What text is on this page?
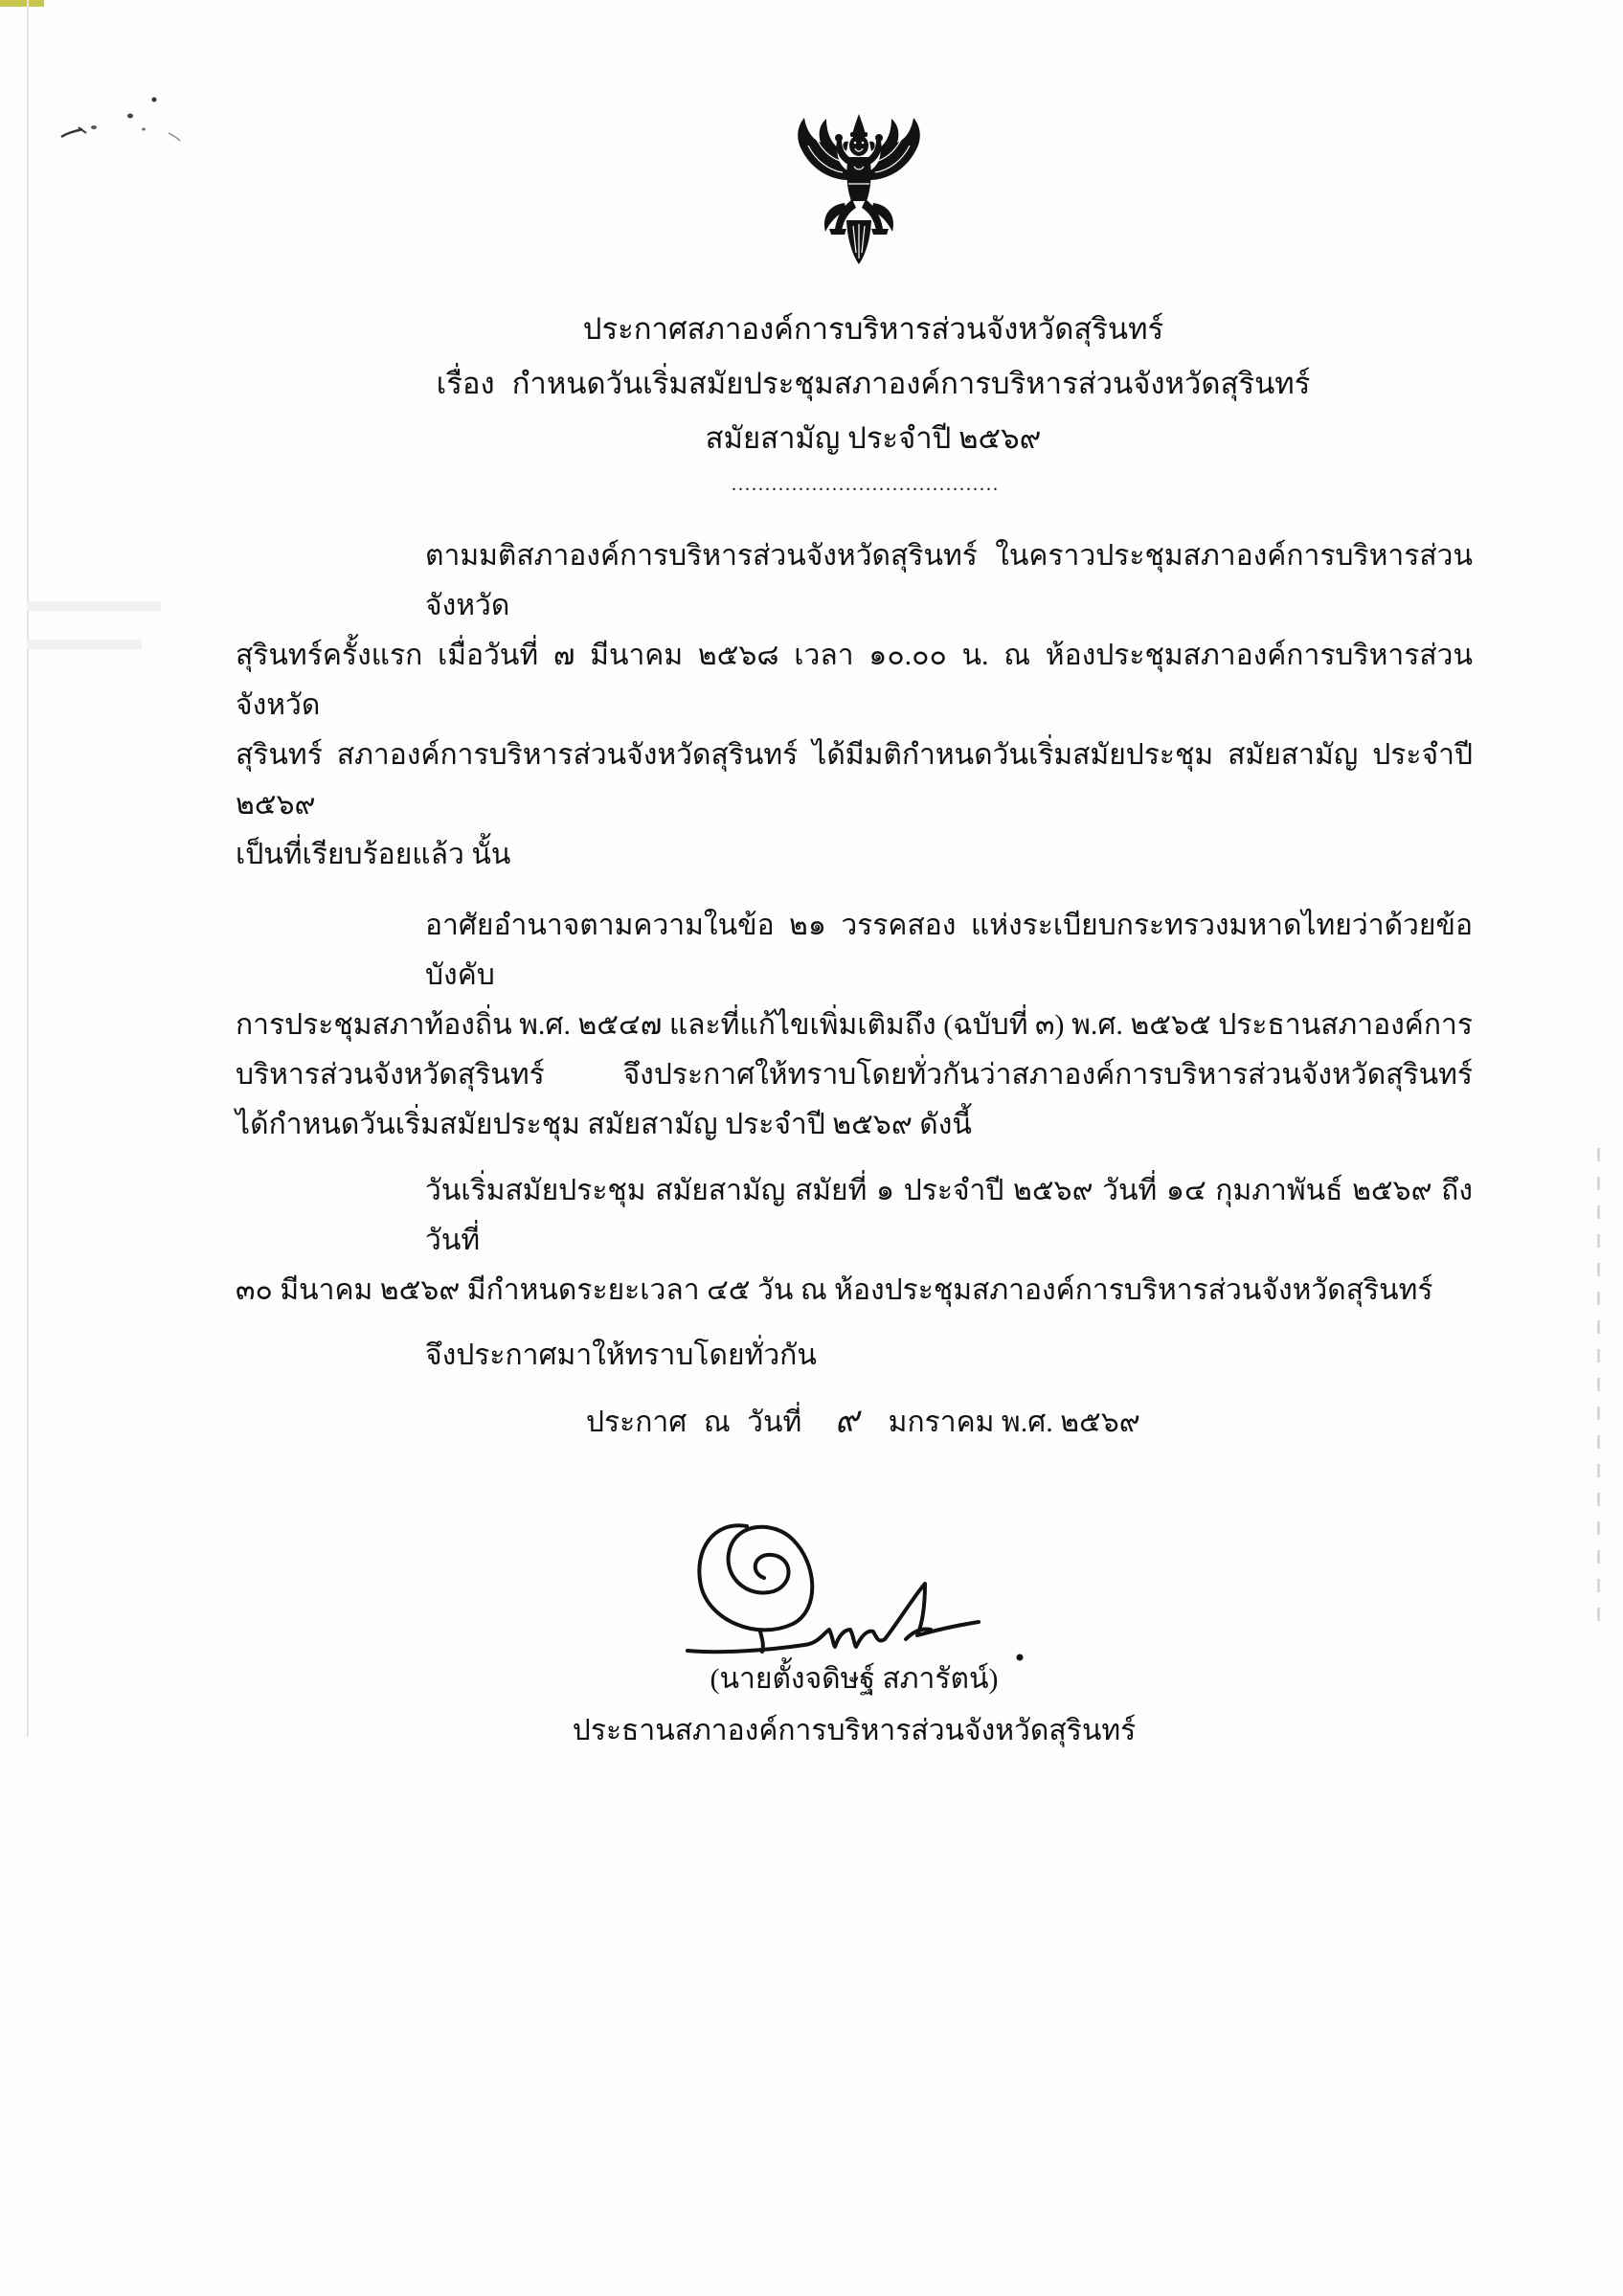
ประกาศสภาองค์การบริหารส่วนจังหวัดสุรินทร์
เรื่อง กำหนดวันเริ่มสมัยประชุมสภาองค์การบริหารส่วนจังหวัดสุรินทร์
สมัยสามัญ ประจำปี ๒๕๖๙
........................................
ตามมติสภาองค์การบริหารส่วนจังหวัดสุรินทร์ ในคราวประชุมสภาองค์การบริหารส่วนจังหวัด
สุรินทร์ครั้งแรก เมื่อวันที่ ๗ มีนาคม ๒๕๖๘ เวลา ๑๐.๐๐ น. ณ ห้องประชุมสภาองค์การบริหารส่วนจังหวัด
สุรินทร์ สภาองค์การบริหารส่วนจังหวัดสุรินทร์ ได้มีมติกำหนดวันเริ่มสมัยประชุม สมัยสามัญ ประจำปี ๒๕๖๙
เป็นที่เรียบร้อยแล้ว นั้น
อาศัยอำนาจตามความในข้อ ๒๑ วรรคสอง แห่งระเบียบกระทรวงมหาดไทยว่าด้วยข้อบังคับ
การประชุมสภาท้องถิ่น พ.ศ. ๒๕๔๗ และที่แก้ไขเพิ่มเติมถึง (ฉบับที่ ๓) พ.ศ. ๒๕๖๕ ประธานสภาองค์การ
บริหารส่วนจังหวัดสุรินทร์ จึงประกาศให้ทราบโดยทั่วกันว่าสภาองค์การบริหารส่วนจังหวัดสุรินทร์
ได้กำหนดวันเริ่มสมัยประชุม สมัยสามัญ ประจำปี ๒๕๖๙ ดังนี้
วันเริ่มสมัยประชุม สมัยสามัญ สมัยที่ ๑ ประจำปี ๒๕๖๙ วันที่ ๑๔ กุมภาพันธ์ ๒๕๖๙ ถึงวันที่
๓๐ มีนาคม ๒๕๖๙ มีกำหนดระยะเวลา ๔๕ วัน ณ ห้องประชุมสภาองค์การบริหารส่วนจังหวัดสุรินทร์
จึงประกาศมาให้ทราบโดยทั่วกัน
ประกาศ ณ วันที่ ๙ มกราคม พ.ศ. ๒๕๖๙
(นายตั้งจดิษฐ์ สภารัตน์)
ประธานสภาองค์การบริหารส่วนจังหวัดสุรินทร์
